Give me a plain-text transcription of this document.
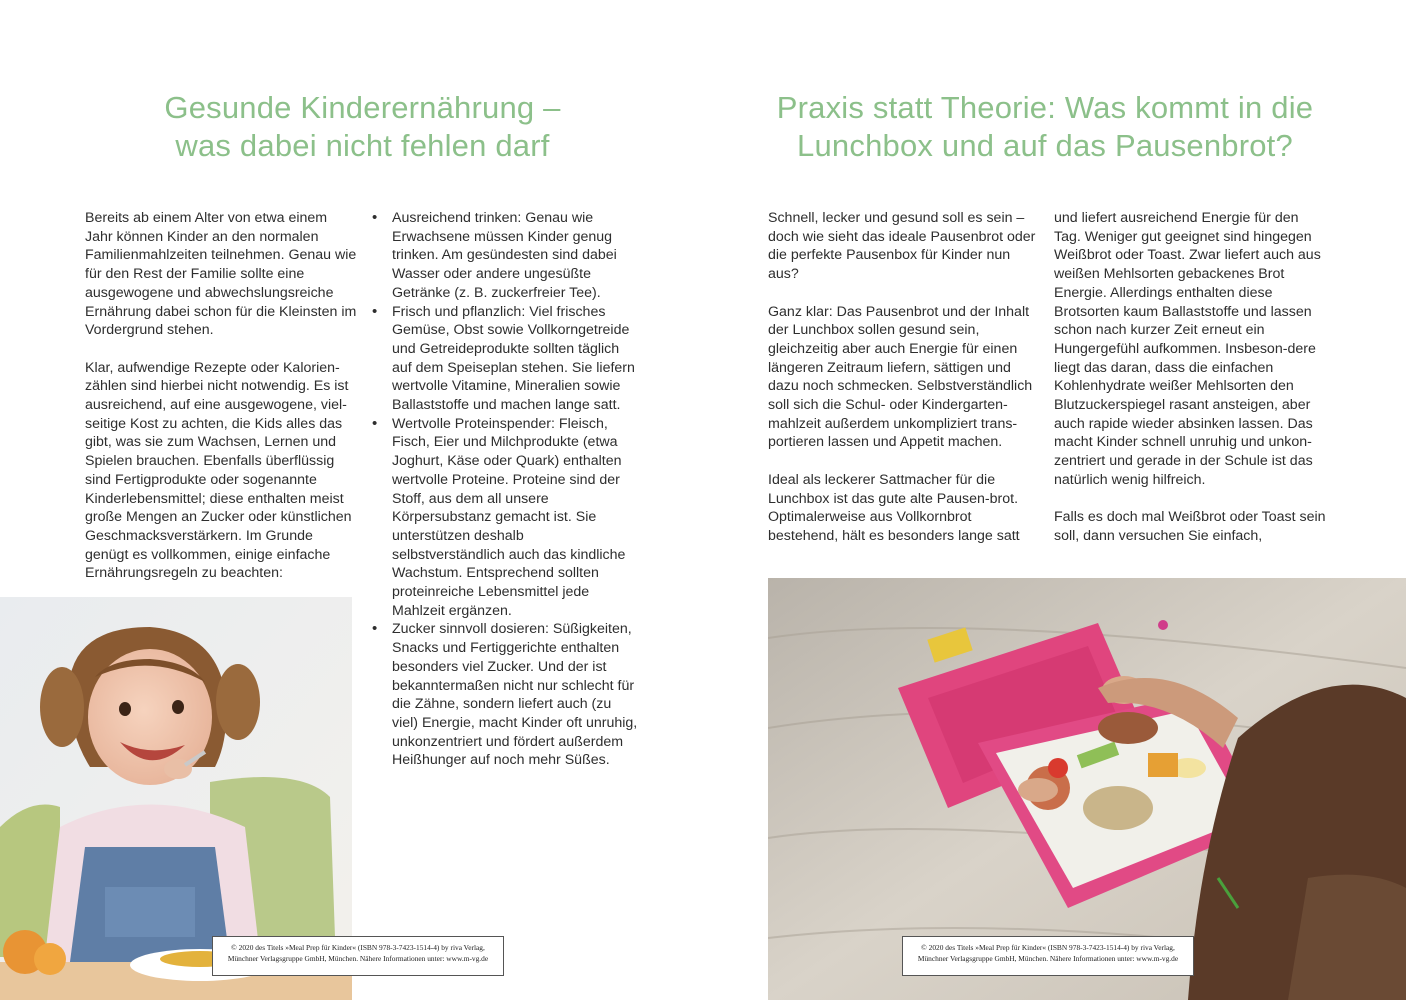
Gesunde Kinderernährung –
was dabei nicht fehlen darf

Bereits ab einem Alter von etwa einem Jahr können Kinder an den normalen Familienmahlzeiten teilnehmen. Genau wie für den Rest der Familie sollte eine ausgewogene und abwechslungsreiche Ernährung dabei schon für die Kleinsten im Vordergrund stehen.

Klar, aufwendige Rezepte oder Kalorien-zählen sind hierbei nicht notwendig. Es ist ausreichend, auf eine ausgewogene, viel-seitige Kost zu achten, die Kids alles das gibt, was sie zum Wachsen, Lernen und Spielen brauchen. Ebenfalls überflüssig sind Fertigprodukte oder sogenannte Kinderlebensmittel; diese enthalten meist große Mengen an Zucker oder künstlichen Geschmacksverstärkern. Im Grunde genügt es vollkommen, einige einfache Ernährungsregeln zu beachten:

• Ausreichend trinken: Genau wie Erwachsene müssen Kinder genug trinken. Am gesündesten sind dabei Wasser oder andere ungesüßte Getränke (z. B. zuckerfreier Tee).
• Frisch und pflanzlich: Viel frisches Gemüse, Obst sowie Vollkorngetreide und Getreideprodukte sollten täglich auf dem Speiseplan stehen. Sie liefern wertvolle Vitamine, Mineralien sowie Ballaststoffe und machen lange satt.
• Wertvolle Proteinspender: Fleisch, Fisch, Eier und Milchprodukte (etwa Joghurt, Käse oder Quark) enthalten wertvolle Proteine. Proteine sind der Stoff, aus dem all unsere Körpersubstanz gemacht ist. Sie unterstützen deshalb selbstverständlich auch das kindliche Wachstum. Entsprechend sollten proteinreiche Lebensmittel jede Mahlzeit ergänzen.
• Zucker sinnvoll dosieren: Süßigkeiten, Snacks und Fertiggerichte enthalten besonders viel Zucker. Und der ist bekanntermaßen nicht nur schlecht für die Zähne, sondern liefert auch (zu viel) Energie, macht Kinder oft unruhig, unkonzentriert und fördert außerdem Heißhunger auf noch mehr Süßes.
© 2020 des Titels »Meal Prep für Kinder« (ISBN 978-3-7423-1514-4) by riva Verlag,
Münchner Verlagsgruppe GmbH, München. Nähere Informationen unter: www.m-vg.de
Praxis statt Theorie: Was kommt in die
Lunchbox und auf das Pausenbrot?

Schnell, lecker und gesund soll es sein – doch wie sieht das ideale Pausenbrot oder die perfekte Pausenbox für Kinder nun aus?

Ganz klar: Das Pausenbrot und der Inhalt der Lunchbox sollen gesund sein, gleichzeitig aber auch Energie für einen längeren Zeitraum liefern, sättigen und dazu noch schmecken. Selbstverständlich soll sich die Schul- oder Kindergarten-mahlzeit außerdem unkompliziert trans-portieren lassen und Appetit machen.

Ideal als leckerer Sattmacher für die Lunchbox ist das gute alte Pausen-brot. Optimalerweise aus Vollkornbrot bestehend, hält es besonders lange satt

und liefert ausreichend Energie für den Tag. Weniger gut geeignet sind hingegen Weißbrot oder Toast. Zwar liefert auch aus weißen Mehlsorten gebackenes Brot Energie. Allerdings enthalten diese Brotsorten kaum Ballaststoffe und lassen schon nach kurzer Zeit erneut ein Hungergefühl aufkommen. Insbeson-dere liegt das daran, dass die einfachen Kohlenhydrate weißer Mehlsorten den Blutzuckerspiegel rasant ansteigen, aber auch rapide wieder absinken lassen. Das macht Kinder schnell unruhig und unkon-zentriert und gerade in der Schule ist das natürlich wenig hilfreich.

Falls es doch mal Weißbrot oder Toast sein soll, dann versuchen Sie einfach,

© 2020 des Titels »Meal Prep für Kinder« (ISBN 978-3-7423-1514-4) by riva Verlag,
Münchner Verlagsgruppe GmbH, München. Nähere Informationen unter: www.m-vg.de
